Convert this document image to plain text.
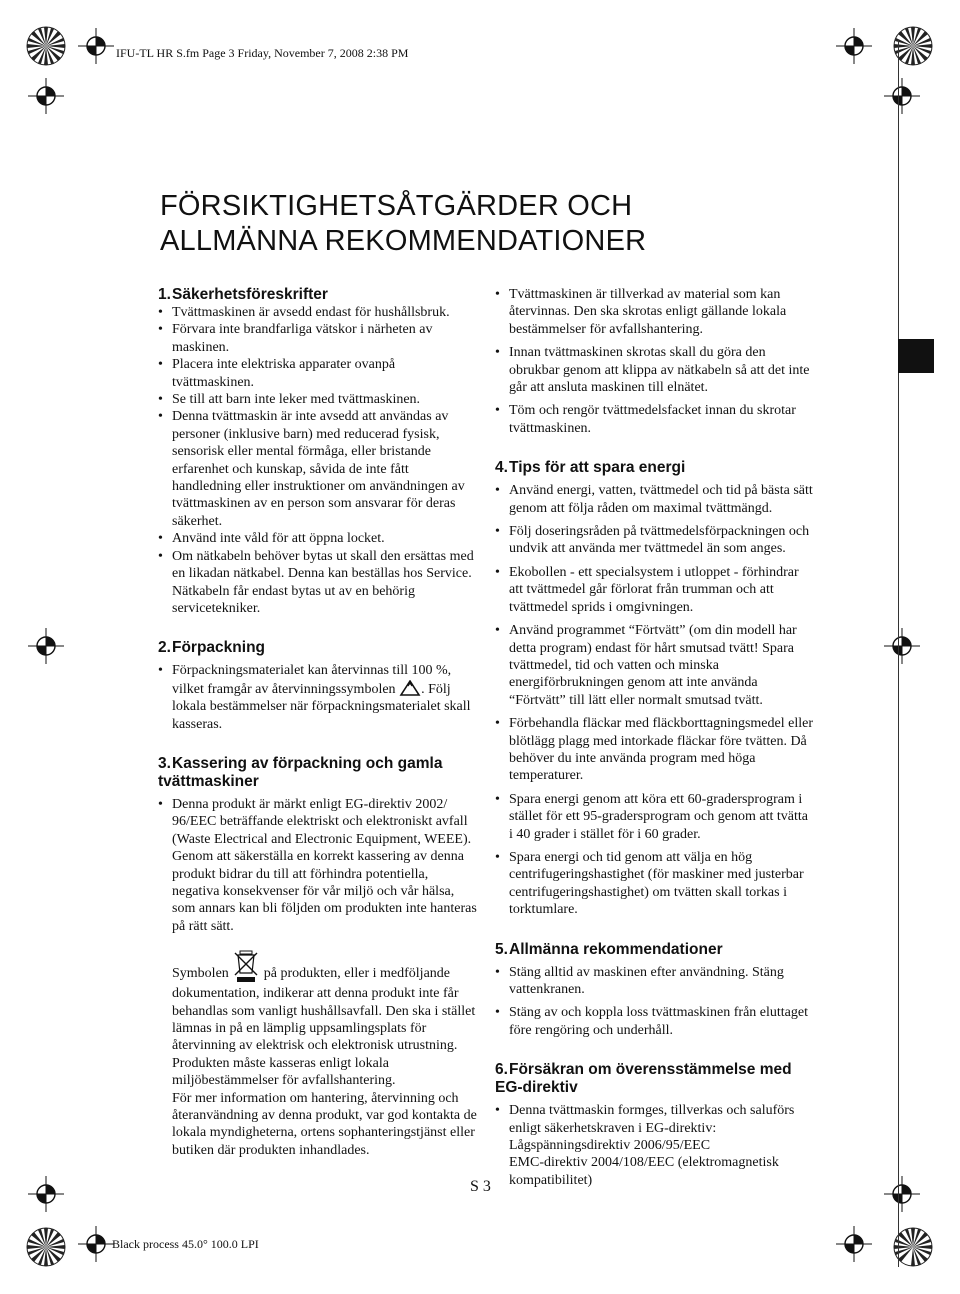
IFU-TL HR S.fm Page 3 Friday, November 7, 2008 2:38 PM
FÖRSIKTIGHETSÅTGÄRDER OCH
ALLMÄNNA REKOMMENDATIONER
1.Säkerhetsföreskrifter
• Tvättmaskinen är avsedd endast för hushållsbruk.
• Förvara inte brandfarliga vätskor i närheten av maskinen.
• Placera inte elektriska apparater ovanpå tvättmaskinen.
• Se till att barn inte leker med tvättmaskinen.
• Denna tvättmaskin är inte avsedd att användas av personer (inklusive barn) med reducerad fysisk, sensorisk eller mental förmåga, eller bristande erfarenhet och kunskap, såvida de inte fått handledning eller instruktioner om användningen av tvättmaskinen av en person som ansvarar för deras säkerhet.
• Använd inte våld för att öppna locket.
• Om nätkabeln behöver bytas ut skall den ersättas med en likadan nätkabel. Denna kan beställas hos Service. Nätkabeln får endast bytas ut av en behörig servicetekniker.
2.Förpackning
• Förpackningsmaterialet kan återvinnas till 100 %, vilket framgår av återvinningssymbolen . Följ lokala bestämmelser när förpackningsmaterialet skall kasseras.
3.Kassering av förpackning och gamla tvättmaskiner
• Denna produkt är märkt enligt EG-direktiv 2002/ 96/EEC beträffande elektriskt och elektroniskt avfall (Waste Electrical and Electronic Equipment, WEEE).
Genom att säkerställa en korrekt kassering av denna produkt bidrar du till att förhindra potentiella, negativa konsekvenser för vår miljö och vår hälsa, som annars kan bli följden om produkten inte hanteras på rätt sätt.
Symbolen	på produkten, eller i medföljande dokumentation, indikerar att denna produkt inte får behandlas som vanligt hushållsavfall. Den ska i stället lämnas in på en lämplig uppsamlingsplats för återvinning av elektrisk och elektronisk utrustning. Produkten måste kasseras enligt lokala miljöbestämmelser för avfallshantering.
För mer information om hantering, återvinning och återanvändning av denna produkt, var god kontakta de lokala myndigheterna, ortens sophanteringstjänst eller butiken där produkten inhandlades.
• Tvättmaskinen är tillverkad av material som kan återvinnas. Den ska skrotas enligt gällande lokala bestämmelser för avfallshantering.
• Innan tvättmaskinen skrotas skall du göra den obrukbar genom att klippa av nätkabeln så att det inte går att ansluta maskinen till elnätet.
• Töm och rengör tvättmedelsfacket innan du skrotar tvättmaskinen.
4.Tips för att spara energi
• Använd energi, vatten, tvättmedel och tid på bästa sätt genom att följa råden om maximal tvättmängd.
• Följ doseringsråden på tvättmedelsförpackningen och undvik att använda mer tvättmedel än som anges.
• Ekobollen - ett specialsystem i utloppet - förhindrar att tvättmedel går förlorat från trumman och att tvättmedel sprids i omgivningen.
• Använd programmet “Förtvätt” (om din modell har detta program) endast för hårt smutsad tvätt! Spara tvättmedel, tid och vatten och minska energiförbrukningen genom att inte använda “Förtvätt” till lätt eller normalt smutsad tvätt.
• Förbehandla fläckar med fläckborttagningsmedel eller blötlägg plagg med intorkade fläckar före tvätten. Då behöver du inte använda program med höga temperaturer.
• Spara energi genom att köra ett 60-gradersprogram i stället för ett 95-gradersprogram och genom att tvätta i 40 grader i stället för i 60 grader.
• Spara energi och tid genom att välja en hög centrifugeringshastighet (för maskiner med justerbar centrifugeringshastighet) om tvätten skall torkas i torktumlare.
5.Allmänna rekommendationer
• Stäng alltid av maskinen efter användning. Stäng vattenkranen.
• Stäng av och koppla loss tvättmaskinen från eluttaget före rengöring och underhåll.
6.Försäkran om överensstämmelse med EG-direktiv
• Denna tvättmaskin formges, tillverkas och saluförs enligt säkerhetskraven i EG-direktiv:
Lågspänningsdirektiv 2006/95/EEC
EMC-direktiv 2004/108/EEC (elektromagnetisk kompatibilitet)
S 3
Black process 45.0° 100.0 LPI
